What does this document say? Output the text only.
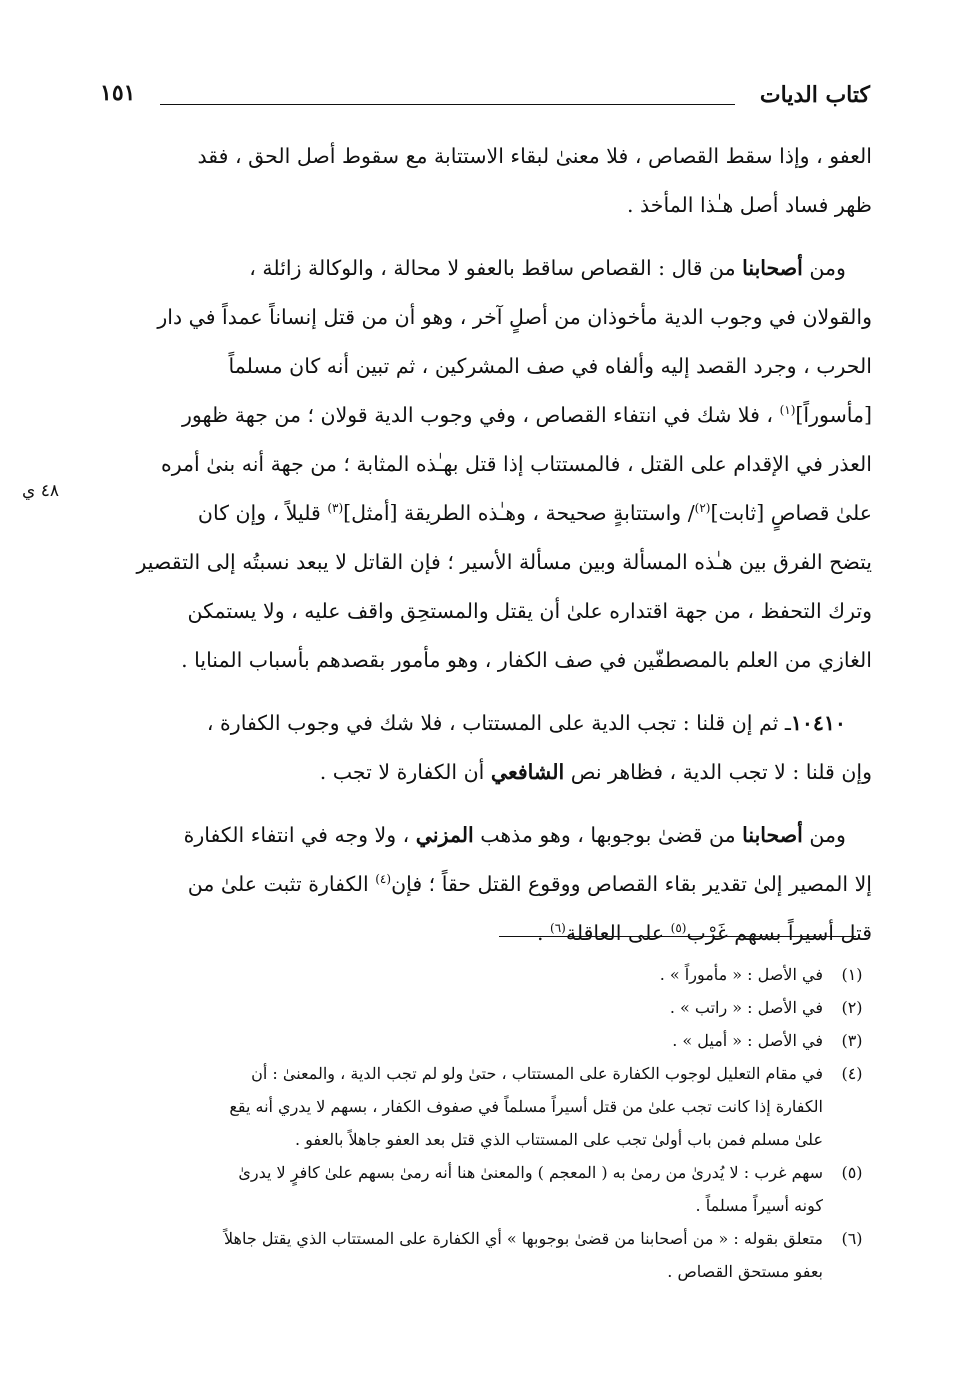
كتاب الديات
١٥١
٤٨ ي
العفو ، وإذا سقط القصاص ، فلا معنىٰ لبقاء الاستتابة مع سقوط أصل الحق ، فقد
ظهر فساد أصل هـٰذا المأخذ .
ومن أصحابنا من قال : القصاص ساقط بالعفو لا محالة ، والوكالة زائلة ،
والقولان في وجوب الدية مأخوذان من أصلٍ آخر ، وهو أن من قتل إنساناً عمداً في دار
الحرب ، وجرد القصد إليه وألفاه في صف المشركين ، ثم تبين أنه كان مسلماً
[مأسوراً]$^{(١)}$ ، فلا شك في انتفاء القصاص ، وفي وجوب الدية قولان ؛ من جهة ظهور
العذر في الإقدام على القتل ، فالمستتاب إذا قتل بهـٰذه المثابة ؛ من جهة أنه بنىٰ أمره
علىٰ قصاصٍ [ثابت]$^{(٢)}$/ واستتابةٍ صحيحة ، وهـٰذه الطريقة [أمثل]$^{(٣)}$ قليلاً ، وإن كان
يتضح الفرق بين هـٰذه المسألة وبين مسألة الأسير ؛ فإن القاتل لا يبعد نسبتُه إلى التقصير
وترك التحفظ ، من جهة اقتداره علىٰ أن يقتل والمستحِق واقف عليه ، ولا يستمكن
الغازي من العلم بالمصطفّين في صف الكفار ، وهو مأمور بقصدهم بأسباب المنايا .
١٠٤١٠ـ ثم إن قلنا : تجب الدية على المستتاب ، فلا شك في وجوب الكفارة ،
وإن قلنا : لا تجب الدية ، فظاهر نص الشافعي أن الكفارة لا تجب .
ومن أصحابنا من قضىٰ بوجوبها ، وهو مذهب المزني ، ولا وجه في انتفاء الكفارة
إلا المصير إلىٰ تقدير بقاء القصاص ووقوع القتل حقاً ؛ فإن$^{(٤)}$ الكفارة تثبت علىٰ من
قتل أسيراً بسهم غَرْب$^{(٥)}$ على العاقلة$^{(٦)}$ .
(١)
في الأصل : « مأموراً » .
(٢)
في الأصل : « راتب » .
(٣)
في الأصل : « أميل » .
(٤)
في مقام التعليل لوجوب الكفارة على المستتاب ، حتىٰ ولو لم تجب الدية ، والمعنىٰ : أن
الكفارة إذا كانت تجب علىٰ من قتل أسيراً مسلماً في صفوف الكفار ، بسهم لا يدري أنه يقع
علىٰ مسلم فمن باب أولىٰ تجب على المستتاب الذي قتل بعد العفو جاهلاً بالعفو .
(٥)
سهم غرب : لا يُدرىٰ من رمىٰ به ( المعجم ) والمعنىٰ هنا أنه رمىٰ بسهم علىٰ كافرٍ لا يدرىٰ
كونه أسيراً مسلماً .
(٦)
متعلق بقوله : « من أصحابنا من قضىٰ بوجوبها » أي الكفارة على المستتاب الذي يقتل جاهلاً
بعفو مستحق القصاص .
